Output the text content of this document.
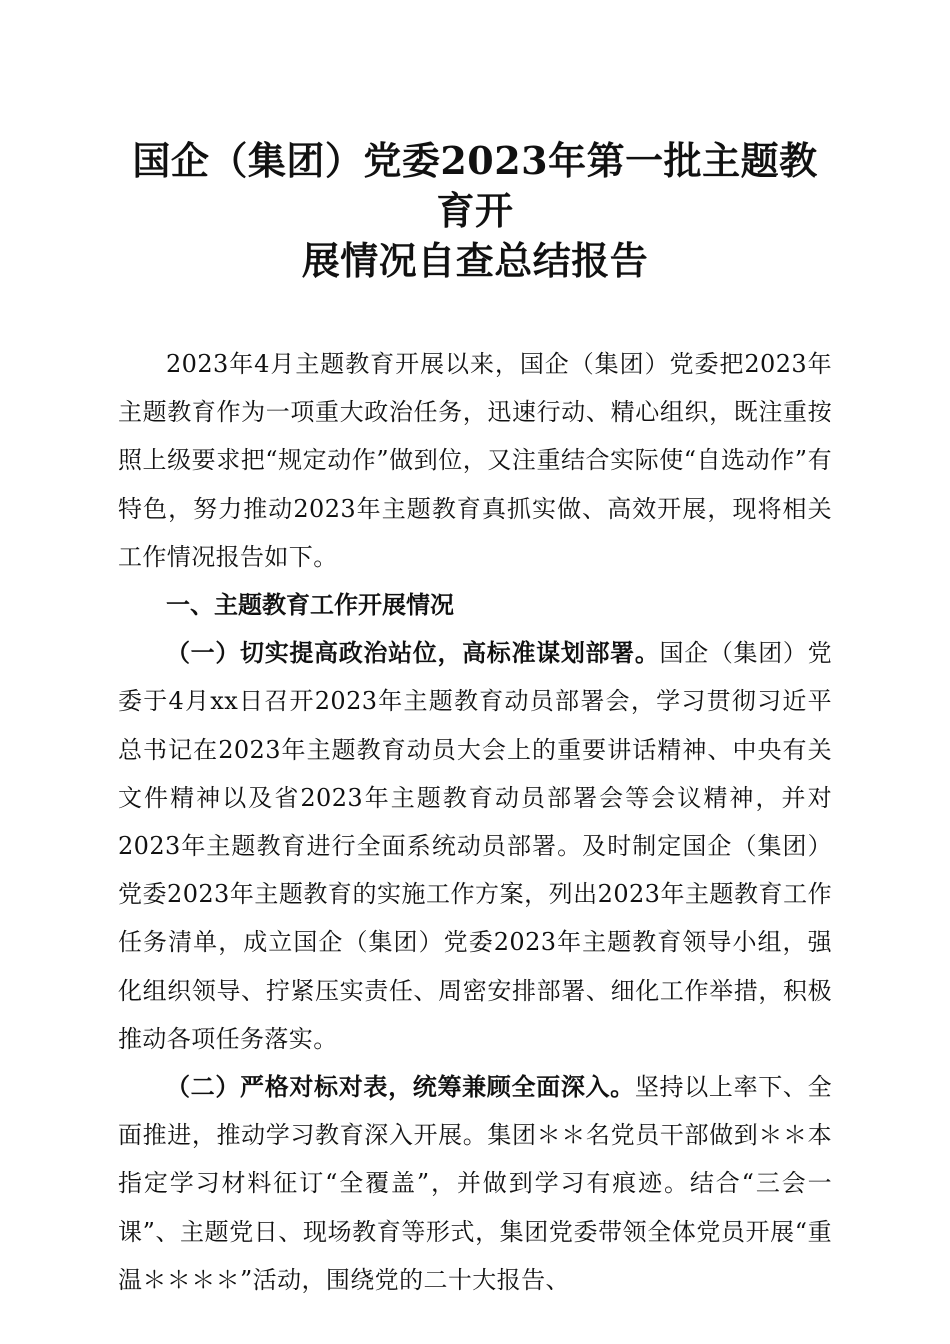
国企（集团）党委2023年第一批主题教育开
展情况自查总结报告

2023年4月主题教育开展以来，国企（集团）党委把2023年主题教育作为一项重大政治任务，迅速行动、精心组织，既注重按照上级要求把“规定动作”做到位，又注重结合实际使“自选动作”有特色，努力推动2023年主题教育真抓实做、高效开展，现将相关工作情况报告如下。

一、主题教育工作开展情况

（一）切实提高政治站位，高标准谋划部署。国企（集团）党委于4月xx日召开2023年主题教育动员部署会，学习贯彻习近平总书记在2023年主题教育动员大会上的重要讲话精神、中央有关文件精神以及省2023年主题教育动员部署会等会议精神，并对2023年主题教育进行全面系统动员部署。及时制定国企（集团）党委2023年主题教育的实施工作方案，列出2023年主题教育工作任务清单，成立国企（集团）党委2023年主题教育领导小组，强化组织领导、拧紧压实责任、周密安排部署、细化工作举措，积极推动各项任务落实。

（二）严格对标对表，统筹兼顾全面深入。坚持以上率下、全面推进，推动学习教育深入开展。集团＊＊名党员干部做到＊＊本指定学习材料征订“全覆盖”，并做到学习有痕迹。结合“三会一课”、主题党日、现场教育等形式，集团党委带领全体党员开展“重温＊＊＊＊”活动，围绕党的二十大报告、
